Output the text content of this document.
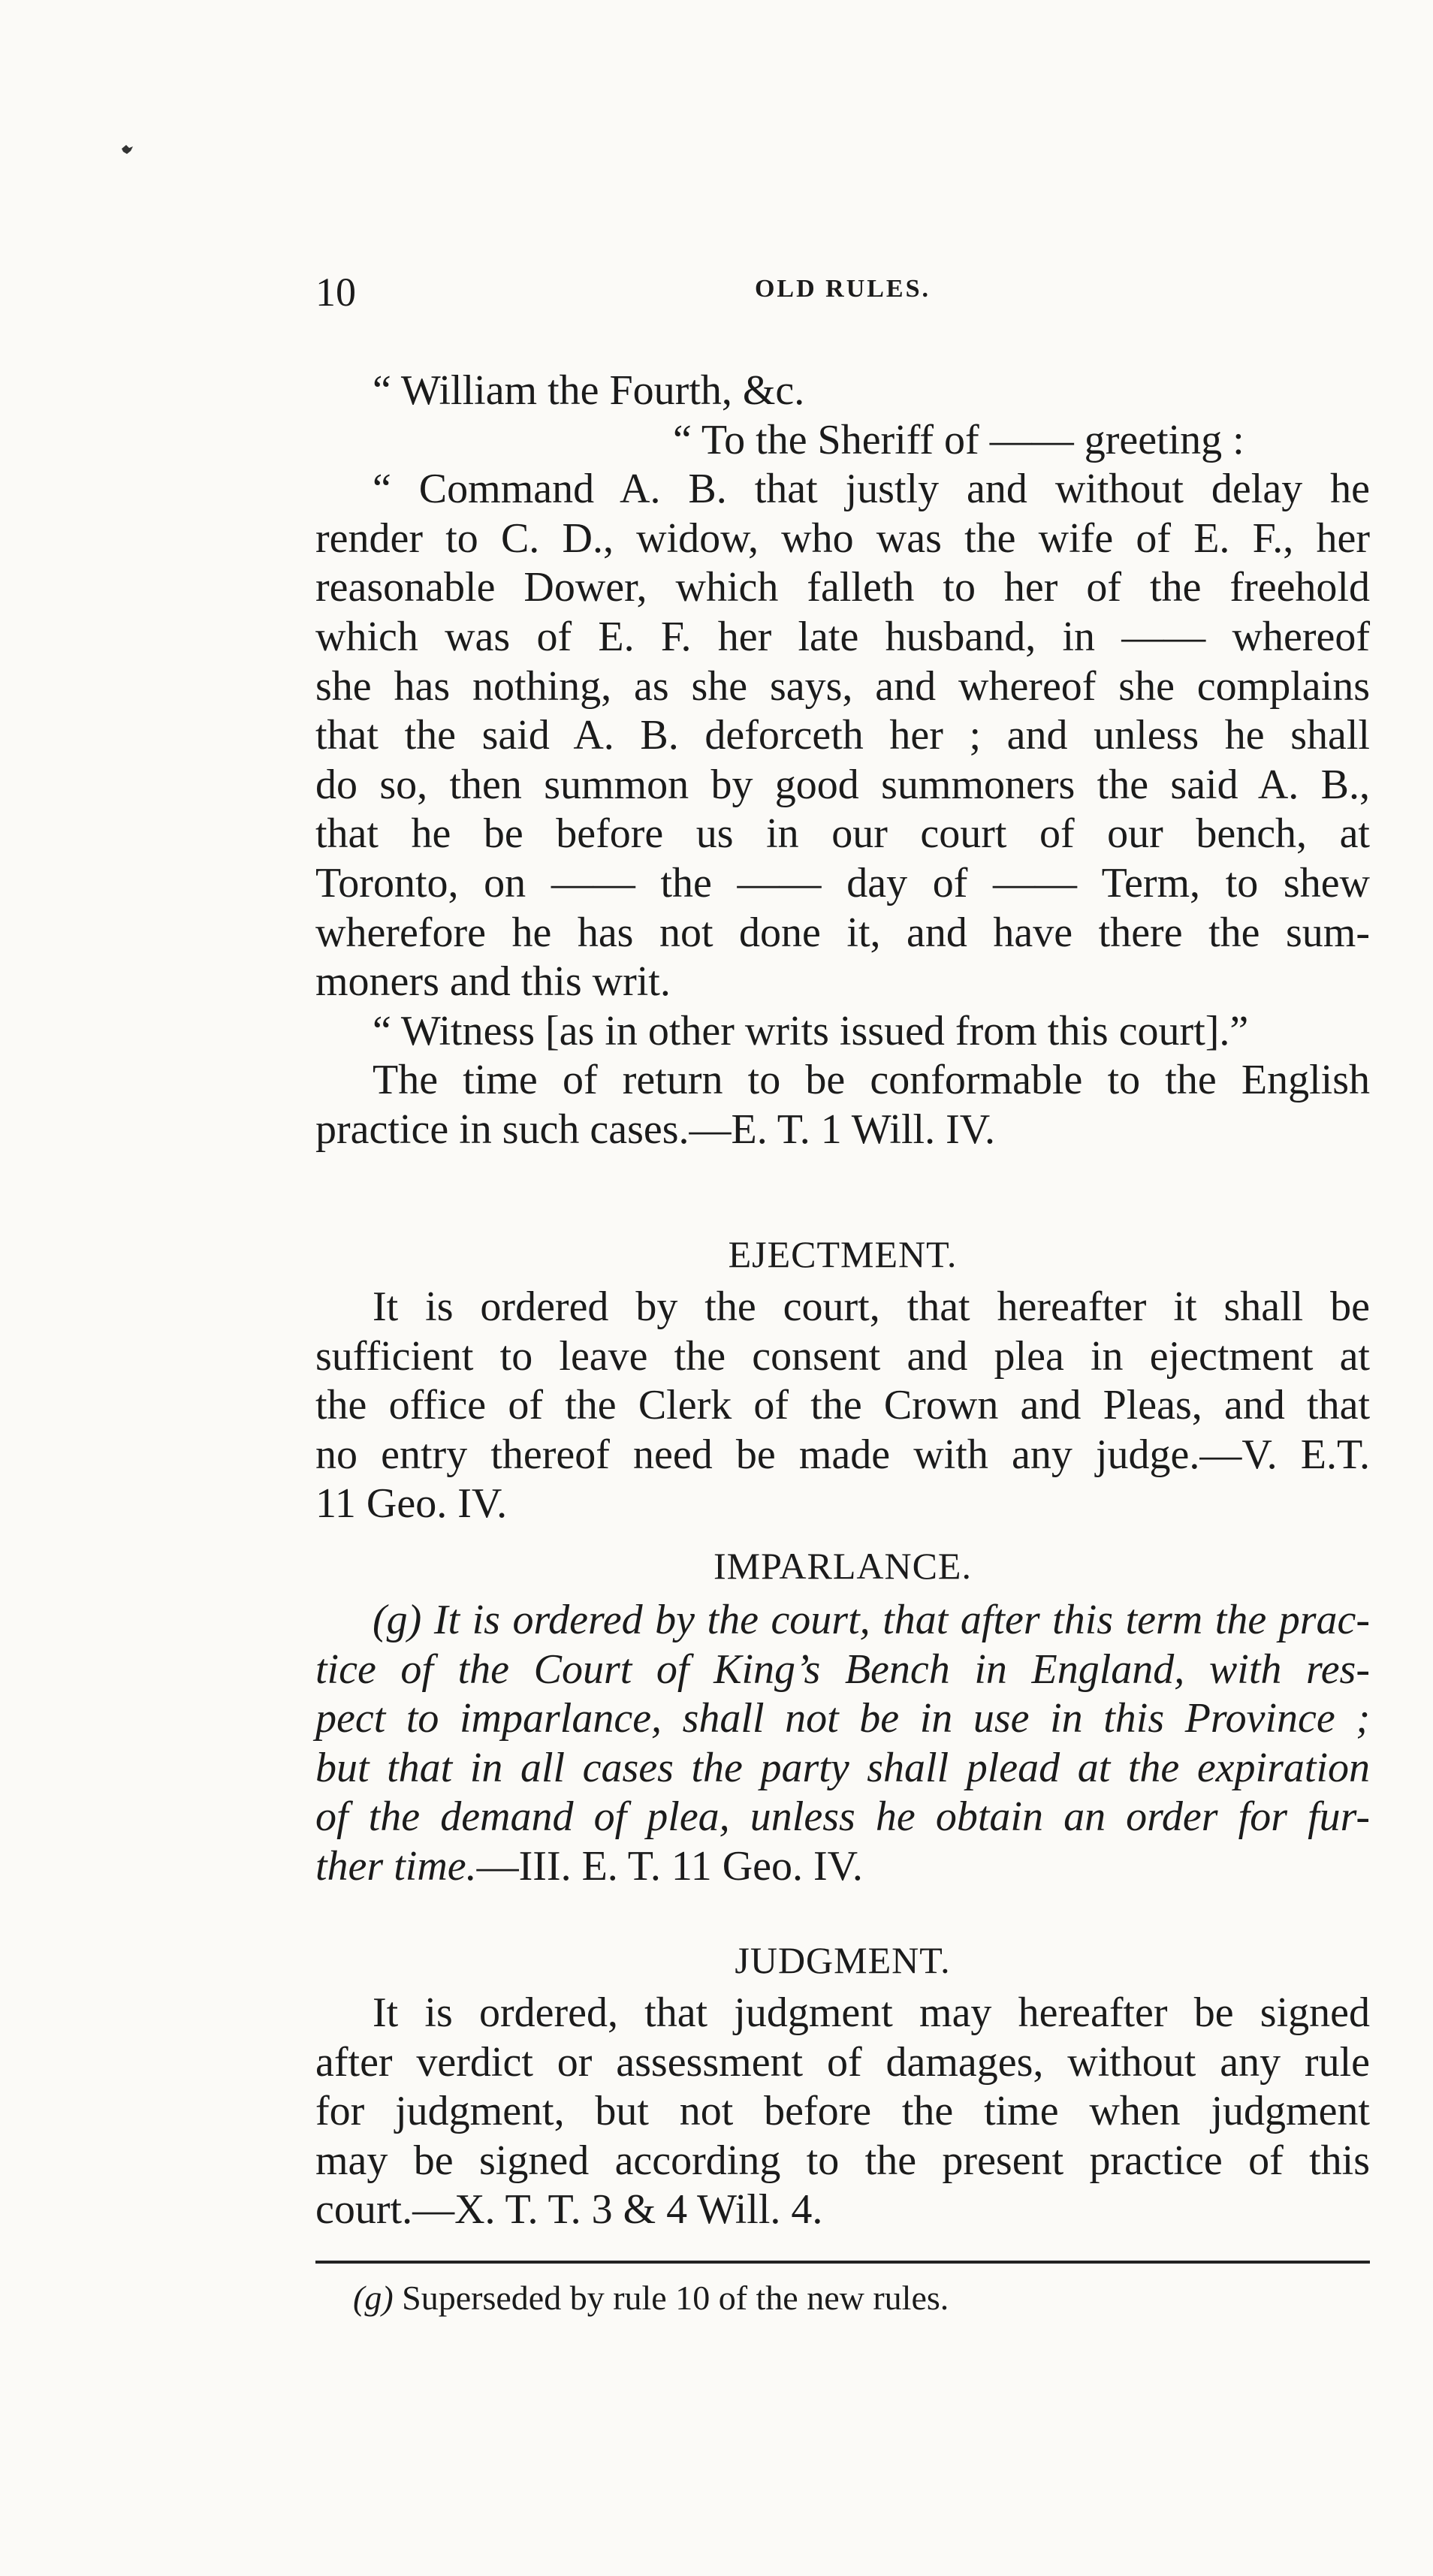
10	OLD RULES.
“ William the Fourth, &c.
“ To the Sheriff of —— greeting :
“ Command A. B. that justly and without delay he
render to C. D., widow, who was the wife of E. F., her
reasonable Dower, which falleth to her of the freehold
which was of E. F. her late husband, in —— whereof
she has nothing, as she says, and whereof she complains
that the said A. B. deforceth her ; and unless he shall
do so, then summon by good summoners the said A. B.,
that he be before us in our court of our bench, at
Toronto, on —— the —— day of —— Term, to shew
wherefore he has not done it, and have there the sum-
moners and this writ.
“ Witness [as in other writs issued from this court].”
The time of return to be conformable to the English
practice in such cases.—E. T. 1 Will. IV.
EJECTMENT.
It is ordered by the court, that hereafter it shall be
sufficient to leave the consent and plea in ejectment at
the office of the Clerk of the Crown and Pleas, and that
no entry thereof need be made with any judge.—V. E.T.
11 Geo. IV.
IMPARLANCE.
(g) It is ordered by the court, that after this term the prac-
tice of the Court of King’s Bench in England, with res-
pect to imparlance, shall not be in use in this Province ;
but that in all cases the party shall plead at the expiration
of the demand of plea, unless he obtain an order for fur-
ther time.—III. E. T. 11 Geo. IV.
JUDGMENT.
It is ordered, that judgment may hereafter be signed
after verdict or assessment of damages, without any rule
for judgment, but not before the time when judgment
may be signed according to the present practice of this
court.—X. T. T. 3 & 4 Will. 4.
(g) Superseded by rule 10 of the new rules.
